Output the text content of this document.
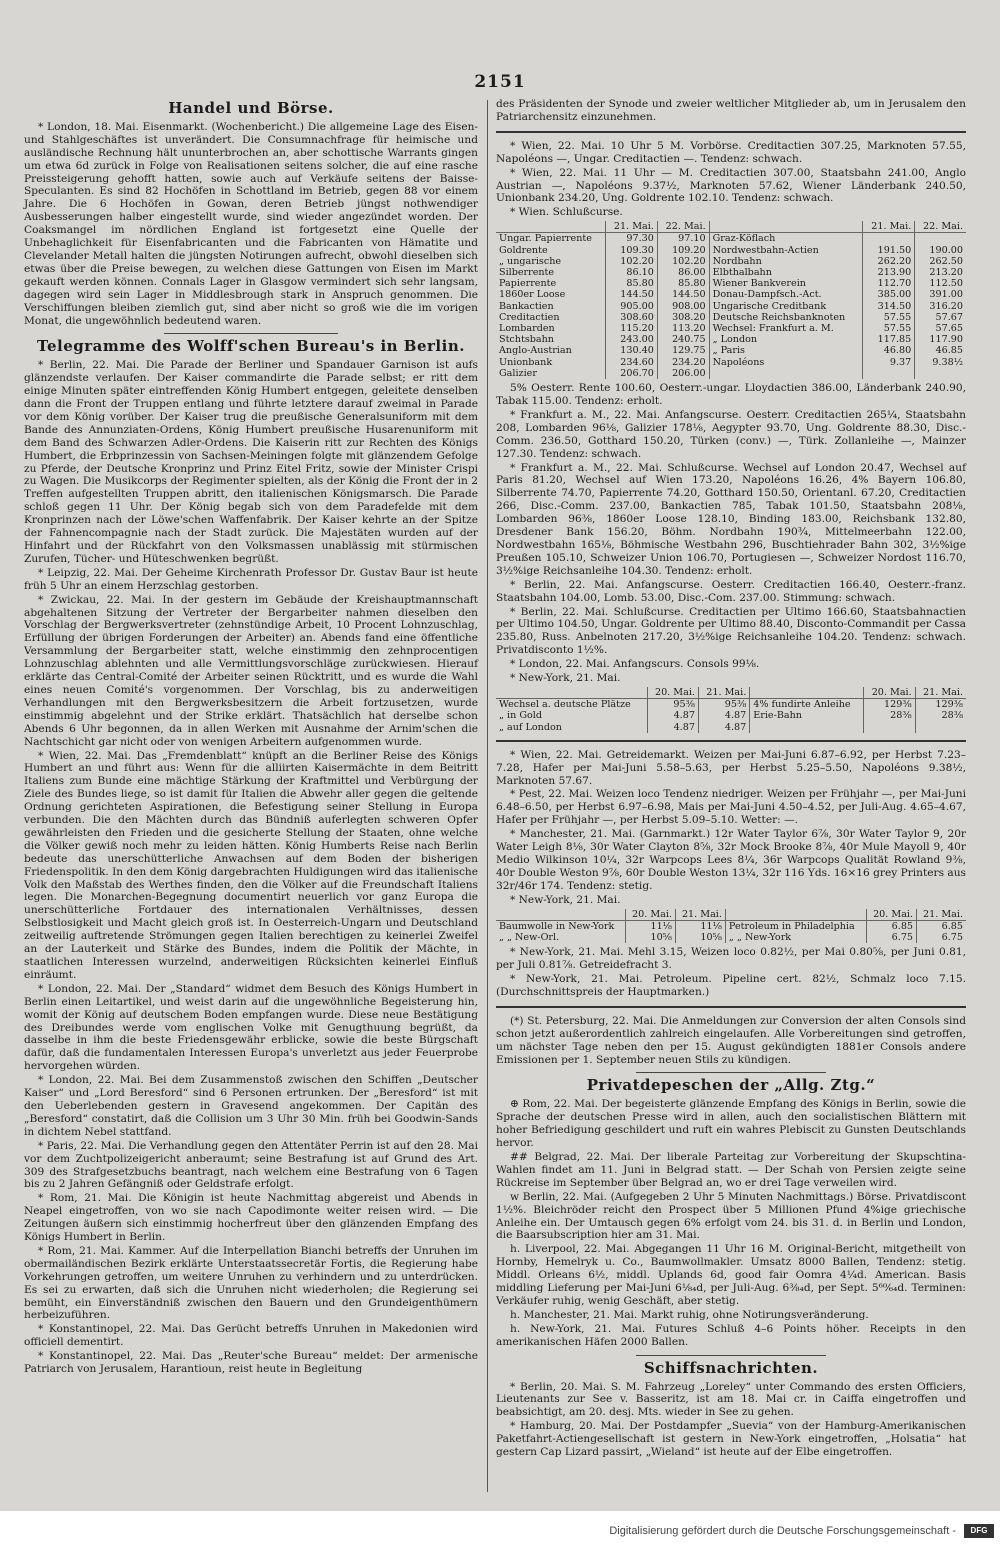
2151
Handel und Börse.

* London, 18. Mai. Eisenmarkt. (Wochenbericht.) Die allgemeine Lage des Eisen- und Stahlgeschäftes ist unverändert. Die Consumnachfrage für heimische und ausländische Rechnung hält ununterbrochen an, aber schottische Warrants gingen um etwa 6d zurück in Folge von Realisationen seitens solcher, die auf eine rasche Preissteigerung gehofft hatten, sowie auch auf Verkäufe seitens der Baisse-Speculanten. Es sind 82 Hochöfen in Schottland im Betrieb, gegen 88 vor einem Jahre. Die 6 Hochöfen in Gowan, deren Betrieb jüngst nothwendiger Ausbesserungen halber eingestellt wurde, sind wieder angezündet worden. Der Coaksmangel im nördlichen England ist fortgesetzt eine Quelle der Unbehaglichkeit für Eisenfabricanten und die Fabricanten von Hämatite und Clevelander Metall halten die jüngsten Notirungen aufrecht, obwohl dieselben sich etwas über die Preise bewegen, zu welchen diese Gattungen von Eisen im Markt gekauft werden können. Connals Lager in Glasgow vermindert sich sehr langsam, dagegen wird sein Lager in Middlesbrough stark in Anspruch genommen. Die Verschiffungen bleiben ziemlich gut, sind aber nicht so groß wie die im vorigen Monat, die ungewöhnlich bedeutend waren.

Telegramme des Wolff'schen Bureau's in Berlin.

* Berlin, 22. Mai. Die Parade der Berliner und Spandauer Garnison ist aufs glänzendste verlaufen. Der Kaiser commandirte die Parade selbst; er ritt dem einige Minuten später eintreffenden König Humbert entgegen, geleitete denselben dann die Front der Truppen entlang und führte letztere darauf zweimal in Parade vor dem König vorüber. Der Kaiser trug die preußische Generalsuniform mit dem Bande des Annunziaten-Ordens, König Humbert preußische Husarenuniform mit dem Band des Schwarzen Adler-Ordens. Die Kaiserin ritt zur Rechten des Königs Humbert, die Erbprinzessin von Sachsen-Meiningen folgte mit glänzendem Gefolge zu Pferde, der Deutsche Kronprinz und Prinz Eitel Fritz, sowie der Minister Crispi zu Wagen. Die Musikcorps der Regimenter spielten, als der König die Front der in 2 Treffen aufgestellten Truppen abritt, den italienischen Königsmarsch. Die Parade schloß gegen 11 Uhr. Der König begab sich von dem Paradefelde mit dem Kronprinzen nach der Löwe'schen Waffenfabrik. Der Kaiser kehrte an der Spitze der Fahnencompagnie nach der Stadt zurück. Die Majestäten wurden auf der Hinfahrt und der Rückfahrt von den Volksmassen unablässig mit stürmischen Zurufen, Tücher- und Hüteschwenken begrüßt.

* Leipzig, 22. Mai. Der Geheime Kirchenrath Professor Dr. Gustav Baur ist heute früh 5 Uhr an einem Herzschlag gestorben.

* Zwickau, 22. Mai. In der gestern im Gebäude der Kreishauptmannschaft abgehaltenen Sitzung der Vertreter der Bergarbeiter nahmen dieselben den Vorschlag der Bergwerksvertreter (zehnstündige Arbeit, 10 Procent Lohnzuschlag, Erfüllung der übrigen Forderungen der Arbeiter) an. Abends fand eine öffentliche Versammlung der Bergarbeiter statt, welche einstimmig den zehnprocentigen Lohnzuschlag ablehnten und alle Vermittlungsvorschläge zurückwiesen. Hierauf erklärte das Central-Comité der Arbeiter seinen Rücktritt, und es wurde die Wahl eines neuen Comité's vorgenommen. Der Vorschlag, bis zu anderweitigen Verhandlungen mit den Bergwerksbesitzern die Arbeit fortzusetzen, wurde einstimmig abgelehnt und der Strike erklärt. Thatsächlich hat derselbe schon Abends 6 Uhr begonnen, da in allen Werken mit Ausnahme der Arnim'schen die Nachtschicht gar nicht oder von wenigen Arbeitern aufgenommen wurde.

* Wien, 22. Mai. Das „Fremdenblatt“ knüpft an die Berliner Reise des Königs Humbert an und führt aus: Wenn für die alliirten Kaisermächte in dem Beitritt Italiens zum Bunde eine mächtige Stärkung der Kraftmittel und Verbürgung der Ziele des Bundes liege, so ist damit für Italien die Abwehr aller gegen die geltende Ordnung gerichteten Aspirationen, die Befestigung seiner Stellung in Europa verbunden. Die den Mächten durch das Bündniß auferlegten schweren Opfer gewährleisten den Frieden und die gesicherte Stellung der Staaten, ohne welche die Völker gewiß noch mehr zu leiden hätten. König Humberts Reise nach Berlin bedeute das unerschütterliche Anwachsen auf dem Boden der bisherigen Friedenspolitik. In den dem König dargebrachten Huldigungen wird das italienische Volk den Maßstab des Werthes finden, den die Völker auf die Freundschaft Italiens legen. Die Monarchen-Begegnung documentirt neuerlich vor ganz Europa die unerschütterliche Fortdauer des internationalen Verhältnisses, dessen Selbstlosigkeit und Macht gleich groß ist. In Oesterreich-Ungarn und Deutschland zeitweilig auftretende Strömungen gegen Italien berechtigen zu keinerlei Zweifel an der Lauterkeit und Stärke des Bundes, indem die Politik der Mächte, in staatlichen Interessen wurzelnd, anderweitigen Rücksichten keinerlei Einfluß einräumt.

* London, 22. Mai. Der „Standard“ widmet dem Besuch des Königs Humbert in Berlin einen Leitartikel, und weist darin auf die ungewöhnliche Begeisterung hin, womit der König auf deutschem Boden empfangen wurde. Diese neue Bestätigung des Dreibundes werde vom englischen Volke mit Genugthuung begrüßt, da dasselbe in ihm die beste Friedensgewähr erblicke, sowie die beste Bürgschaft dafür, daß die fundamentalen Interessen Europa's unverletzt aus jeder Feuerprobe hervorgehen würden.

* London, 22. Mai. Bei dem Zusammenstoß zwischen den Schiffen „Deutscher Kaiser“ und „Lord Beresford“ sind 6 Personen ertrunken. Der „Beresford“ ist mit den Ueberlebenden gestern in Gravesend angekommen. Der Capitän des „Beresford“ constatirt, daß die Collision um 3 Uhr 30 Min. früh bei Goodwin-Sands in dichtem Nebel stattfand.

* Paris, 22. Mai. Die Verhandlung gegen den Attentäter Perrin ist auf den 28. Mai vor dem Zuchtpolizeigericht anberaumt; seine Bestrafung ist auf Grund des Art. 309 des Strafgesetzbuchs beantragt, nach welchem eine Bestrafung von 6 Tagen bis zu 2 Jahren Gefängniß oder Geldstrafe erfolgt.

* Rom, 21. Mai. Die Königin ist heute Nachmittag abgereist und Abends in Neapel eingetroffen, von wo sie nach Capodimonte weiter reisen wird. — Die Zeitungen äußern sich einstimmig hocherfreut über den glänzenden Empfang des Königs Humbert in Berlin.

* Rom, 21. Mai. Kammer. Auf die Interpellation Bianchi betreffs der Unruhen im obermailändischen Bezirk erklärte Unterstaatssecretär Fortis, die Regierung habe Vorkehrungen getroffen, um weitere Unruhen zu verhindern und zu unterdrücken. Es sei zu erwarten, daß sich die Unruhen nicht wiederholen; die Regierung sei bemüht, ein Einverständniß zwischen den Bauern und den Grundeigenthümern herbeizuführen.

* Konstantinopel, 22. Mai. Das Gerücht betreffs Unruhen in Makedonien wird officiell dementirt.

* Konstantinopel, 22. Mai. Das „Reuter'sche Bureau“ meldet: Der armenische Patriarch von Jerusalem, Harantioun, reist heute in Begleitung

des Präsidenten der Synode und zweier weltlicher Mitglieder ab, um in Jerusalem den Patriarchensitz einzunehmen.

* Wien, 22. Mai. 10 Uhr 5 M. Vorbörse. Creditactien 307.25, Marknoten 57.55, Napoléons —, Ungar. Creditactien —. Tendenz: schwach.

* Wien, 22. Mai. 11 Uhr — M. Creditactien 307.00, Staatsbahn 241.00, Anglo Austrian —, Napoléons 9.37½, Marknoten 57.62, Wiener Länderbank 240.50, Unionbank 234.20, Ung. Goldrente 102.10. Tendenz: schwach.

* Wien. Schlußcurse.

	21. Mai.	22. Mai.		21. Mai.	22. Mai.
Ungar. Papierrente	97.30	97.10	Graz-Köflach		
Goldrente	109.30	109.20	Nordwestbahn-Actien	191.50	190.00
„ ungarische	102.20	102.20	Nordbahn	262.20	262.50
Silberrente	86.10	86.00	Elbthalbahn	213.90	213.20
Papierrente	85.80	85.80	Wiener Bankverein	112.70	112.50
1860er Loose	144.50	144.50	Donau-Dampfsch.-Act.	385.00	391.00
Bankactien	905.00	908.00	Ungarische Creditbank	314.50	316.20
Creditactien	308.60	308.20	Deutsche Reichsbanknoten	57.55	57.67
Lombarden	115.20	113.20	Wechsel: Frankfurt a. M.	57.55	57.65
Stchtsbahn	243.00	240.75	„ London	117.85	117.90
Anglo-Austrian	130.40	129.75	„ Paris	46.80	46.85
Unionbank	234.60	234.20	Napoléons	9.37	9.38½
Galizier	206.70	206.00			

5% Oesterr. Rente 100.60, Oesterr.-ungar. Lloydactien 386.00, Länderbank 240.90, Tabak 115.00. Tendenz: erholt.

* Frankfurt a. M., 22. Mai. Anfangscurse. Oesterr. Creditactien 265¼, Staatsbahn 208, Lombarden 96⅛, Galizier 178⅛, Aegypter 93.70, Ung. Goldrente 88.30, Disc.-Comm. 236.50, Gotthard 150.20, Türken (conv.) —, Türk. Zollanleihe —, Mainzer 127.30. Tendenz: schwach.

* Frankfurt a. M., 22. Mai. Schlußcurse. Wechsel auf London 20.47, Wechsel auf Paris 81.20, Wechsel auf Wien 173.20, Napoléons 16.26, 4% Bayern 106.80, Silberrente 74.70, Papierrente 74.20, Gotthard 150.50, Orientanl. 67.20, Creditactien 266, Disc.-Comm. 237.00, Bankactien 785, Tabak 101.50, Staatsbahn 208⅛, Lombarden 96⅜, 1860er Loose 128.10, Binding 183.00, Reichsbank 132.80, Dresdener Bank 156.20, Böhm. Nordbahn 190¾, Mittelmeerbahn 122.00, Nordwestbahn 165⅛, Böhmische Westbahn 296, Buschtiehrader Bahn 302, 3½%ige Preußen 105.10, Schweizer Union 106.70, Portugiesen —, Schweizer Nordost 116.70, 3½%ige Reichsanleihe 104.30. Tendenz: erholt.

* Berlin, 22. Mai. Anfangscurse. Oesterr. Creditactien 166.40, Oesterr.-franz. Staatsbahn 104.00, Lomb. 53.00, Disc.-Com. 237.00. Stimmung: schwach.

* Berlin, 22. Mai. Schlußcurse. Creditactien per Ultimo 166.60, Staatsbahnactien per Ultimo 104.50, Ungar. Goldrente per Ultimo 88.40, Disconto-Commandit per Cassa 235.80, Russ. Anbelnoten 217.20, 3½%ige Reichsanleihe 104.20. Tendenz: schwach. Privatdisconto 1½%.

* London, 22. Mai. Anfangscurs. Consols 99⅛.

* New-York, 21. Mai.

	20. Mai.	21. Mai.		20. Mai.	21. Mai.
Wechsel a. deutsche Plätze	95⅜	95⅜	4% fundirte Anleihe	129⅜	129⅜
„ in Gold	4.87	4.87	Erie-Bahn	28⅜	28⅜
„ auf London	4.87	4.87			

* Wien, 22. Mai. Getreidemarkt. Weizen per Mai-Juni 6.87–6.92, per Herbst 7.23–7.28, Hafer per Mai-Juni 5.58–5.63, per Herbst 5.25–5.50, Napoléons 9.38½, Marknoten 57.67.

* Pest, 22. Mai. Weizen loco Tendenz niedriger. Weizen per Frühjahr —, per Mai-Juni 6.48–6.50, per Herbst 6.97–6.98, Mais per Mai-Juni 4.50–4.52, per Juli-Aug. 4.65–4.67, Hafer per Frühjahr —, per Herbst 5.09–5.10. Wetter: —.

* Manchester, 21. Mai. (Garnmarkt.) 12r Water Taylor 6⅞, 30r Water Taylor 9, 20r Water Leigh 8⅛, 30r Water Clayton 8⅝, 32r Mock Brooke 8⅞, 40r Mule Mayoll 9, 40r Medio Wilkinson 10¼, 32r Warpcops Lees 8¼, 36r Warpcops Qualität Rowland 9⅜, 40r Double Weston 9⅞, 60r Double Weston 13¼, 32r 116 Yds. 16×16 grey Printers aus 32r/46r 174. Tendenz: stetig.

* New-York, 21. Mai.

	20. Mai.	21. Mai.		20. Mai.	21. Mai.
Baumwolle in New-York	11⅛	11⅛	Petroleum in Philadelphia	6.85	6.85
„ „ New-Orl.	10⅝	10⅝	„ „ New-York	6.75	6.75

* New-York, 21. Mai. Mehl 3.15, Weizen loco 0.82½, per Mai 0.80⅝, per Juni 0.81, per Juli 0.81⅞. Getreidefracht 3.

* New-York, 21. Mai. Petroleum. Pipeline cert. 82½, Schmalz loco 7.15. (Durchschnittspreis der Hauptmarken.)

(*) St. Petersburg, 22. Mai. Die Anmeldungen zur Conversion der alten Consols sind schon jetzt außerordentlich zahlreich eingelaufen. Alle Vorbereitungen sind getroffen, um nächster Tage neben den per 15. August gekündigten 1881er Consols andere Emissionen per 1. September neuen Stils zu kündigen.

Privatdepeschen der „Allg. Ztg.“

⊕ Rom, 22. Mai. Der begeisterte glänzende Empfang des Königs in Berlin, sowie die Sprache der deutschen Presse wird in allen, auch den socialistischen Blättern mit hoher Befriedigung geschildert und ruft ein wahres Plebiscit zu Gunsten Deutschlands hervor.

## Belgrad, 22. Mai. Der liberale Parteitag zur Vorbereitung der Skupschtina-Wahlen findet am 11. Juni in Belgrad statt. — Der Schah von Persien zeigte seine Rückreise im September über Belgrad an, wo er drei Tage verweilen wird.

w Berlin, 22. Mai. (Aufgegeben 2 Uhr 5 Minuten Nachmittags.) Börse. Privatdiscont 1½%. Bleichröder reicht den Prospect über 5 Millionen Pfund 4%ige griechische Anleihe ein. Der Umtausch gegen 6% erfolgt vom 24. bis 31. d. in Berlin und London, die Baarsubscription hier am 31. Mai.

h. Liverpool, 22. Mai. Abgegangen 11 Uhr 16 M. Original-Bericht, mitgetheilt von Hornby, Hemelryk u. Co., Baumwollmakler. Umsatz 8000 Ballen, Tendenz: stetig. Middl. Orleans 6½, middl. Uplands 6d, good fair Oomra 4¼d. American. Basis middling Lieferung per Mai-Juni 6⅛₄d, per Juli-Aug. 6⅜₄d, per Sept. 5⁶⁰⁄₆₄d. Terminen: Verkäufer ruhig, wenig Geschäft, aber stetig.

h. Manchester, 21. Mai. Markt ruhig, ohne Notirungsveränderung.

h. New-York, 21. Mai. Futures Schluß 4–6 Points höher. Receipts in den amerikanischen Häfen 2000 Ballen.

Schiffsnachrichten.

* Berlin, 20. Mai. S. M. Fahrzeug „Loreley“ unter Commando des ersten Officiers, Lieutenants zur See v. Basseritz, ist am 18. Mai cr. in Caiffa eingetroffen und beabsichtigt, am 20. desj. Mts. wieder in See zu gehen.

* Hamburg, 20. Mai. Der Postdampfer „Suevia“ von der Hamburg-Amerikanischen Paketfahrt-Actiengesellschaft ist gestern in New-York eingetroffen, „Holsatia“ hat gestern Cap Lizard passirt, „Wieland“ ist heute auf der Elbe eingetroffen.

Digitalisierung gefördert durch die Deutsche Forschungsgemeinschaft -	DFG
